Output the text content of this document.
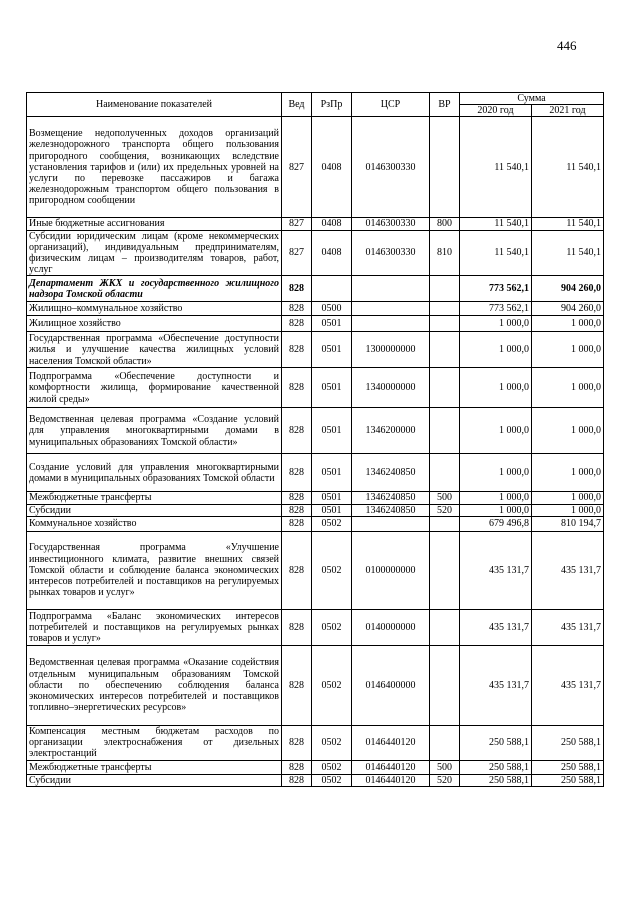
446
Наименование показателей	Вед	РзПр	ЦСР	ВР	Сумма	
					2020 год	2021 год
Возмещение недополученных доходов организаций железнодорожного транспорта общего пользования пригородного сообщения, возникающих вследствие установления тарифов и (или) их предельных уровней на услуги по перевозке пассажиров и багажа железнодорожным транспортом общего пользования в пригородном сообщении	827	0408	0146300330		11 540,1	11 540,1
Иные бюджетные ассигнования	827	0408	0146300330	800	11 540,1	11 540,1
Субсидии юридическим лицам (кроме некоммерческих организаций), индивидуальным предпринимателям, физическим лицам – производителям товаров, работ, услуг	827	0408	0146300330	810	11 540,1	11 540,1
Департамент ЖКХ и государственного жилищного надзора Томской области	828				773 562,1	904 260,0
Жилищно–коммунальное хозяйство	828	0500			773 562,1	904 260,0
Жилищное хозяйство	828	0501			1 000,0	1 000,0
Государственная программа «Обеспечение доступности жилья и улучшение качества жилищных условий населения Томской области»	828	0501	1300000000		1 000,0	1 000,0
Подпрограмма «Обеспечение доступности и комфортности жилища, формирование качественной жилой среды»	828	0501	1340000000		1 000,0	1 000,0
Ведомственная целевая программа «Создание условий для управления многоквартирными домами в муниципальных образованиях Томской области»	828	0501	1346200000		1 000,0	1 000,0
Создание условий для управления многоквартирными домами в муниципальных образованиях Томской области	828	0501	1346240850		1 000,0	1 000,0
Межбюджетные трансферты	828	0501	1346240850	500	1 000,0	1 000,0
Субсидии	828	0501	1346240850	520	1 000,0	1 000,0
Коммунальное хозяйство	828	0502			679 496,8	810 194,7
Государственная программа «Улучшение инвестиционного климата, развитие внешних связей Томской области и соблюдение баланса экономических интересов потребителей и поставщиков на регулируемых рынках товаров и услуг»	828	0502	0100000000		435 131,7	435 131,7
Подпрограмма «Баланс экономических интересов потребителей и поставщиков на регулируемых рынках товаров и услуг»	828	0502	0140000000		435 131,7	435 131,7
Ведомственная целевая программа «Оказание содействия отдельным муниципальным образованиям Томской области по обеспечению соблюдения баланса экономических интересов потребителей и поставщиков топливно–энергетических ресурсов»	828	0502	0146400000		435 131,7	435 131,7
Компенсация местным бюджетам расходов по организации электроснабжения от дизельных электростанций	828	0502	0146440120		250 588,1	250 588,1
Межбюджетные трансферты	828	0502	0146440120	500	250 588,1	250 588,1
Субсидии	828	0502	0146440120	520	250 588,1	250 588,1
